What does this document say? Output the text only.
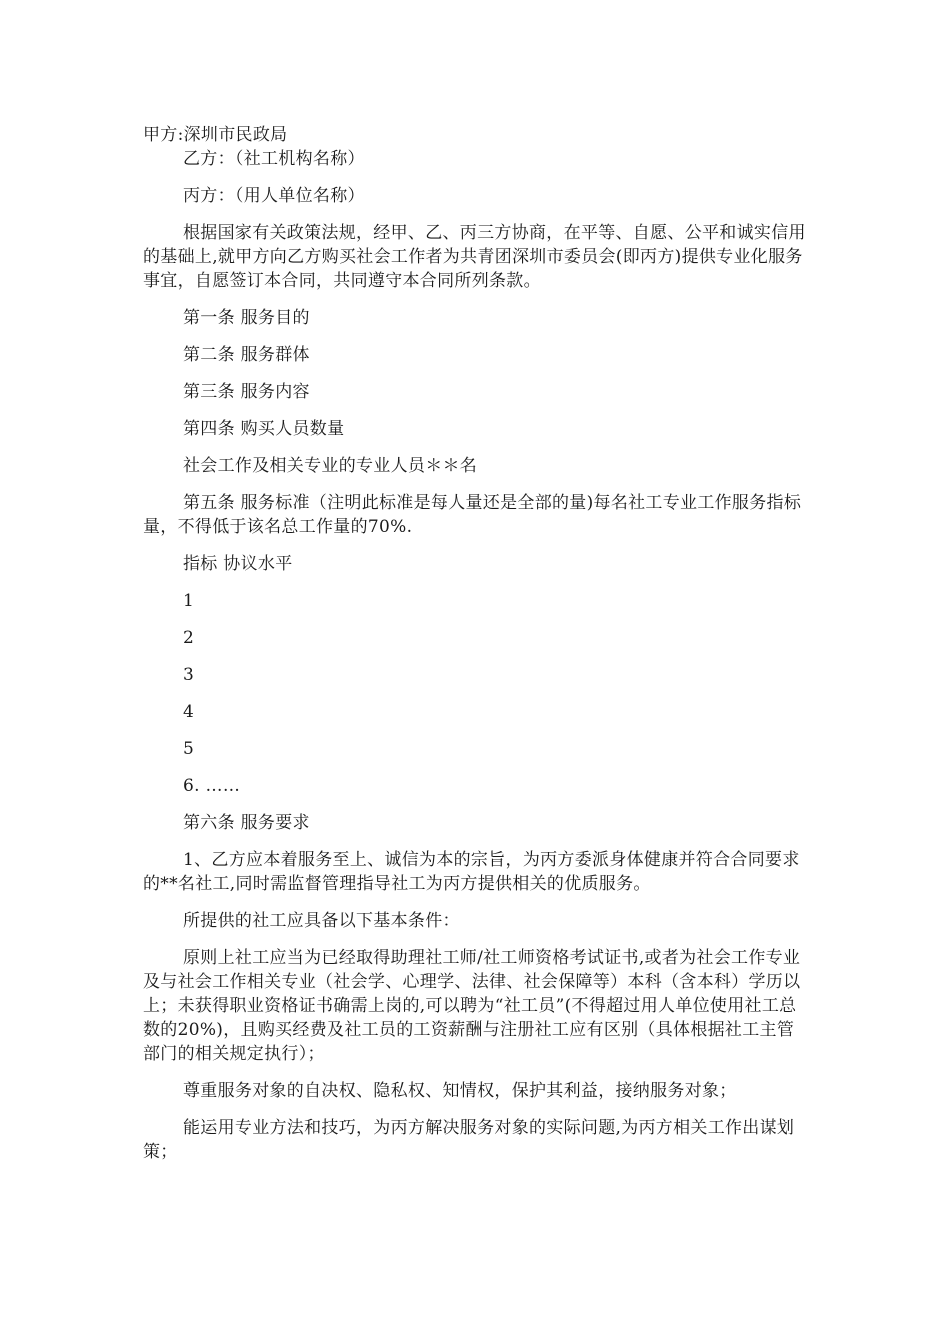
甲方:深圳市民政局

乙方：（社工机构名称）

丙方：（用人单位名称）

根据国家有关政策法规，经甲、乙、丙三方协商，在平等、自愿、公平和诚实信用的基础上,就甲方向乙方购买社会工作者为共青团深圳市委员会(即丙方)提供专业化服务事宜，自愿签订本合同，共同遵守本合同所列条款。

第一条 服务目的

第二条 服务群体

第三条 服务内容

第四条 购买人员数量

社会工作及相关专业的专业人员＊＊名

第五条 服务标准（注明此标准是每人量还是全部的量)每名社工专业工作服务指标量，不得低于该名总工作量的70%.

指标 协议水平

1

2

3

4

5

6. ……

第六条 服务要求

1、乙方应本着服务至上、诚信为本的宗旨，为丙方委派身体健康并符合合同要求的**名社工,同时需监督管理指导社工为丙方提供相关的优质服务。

所提供的社工应具备以下基本条件：

原则上社工应当为已经取得助理社工师/社工师资格考试证书,或者为社会工作专业及与社会工作相关专业（社会学、心理学、法律、社会保障等）本科（含本科）学历以上；未获得职业资格证书确需上岗的,可以聘为“社工员”(不得超过用人单位使用社工总数的20%)，且购买经费及社工员的工资薪酬与注册社工应有区别（具体根据社工主管部门的相关规定执行）；

尊重服务对象的自决权、隐私权、知情权，保护其利益，接纳服务对象；

能运用专业方法和技巧，为丙方解决服务对象的实际问题,为丙方相关工作出谋划策；
